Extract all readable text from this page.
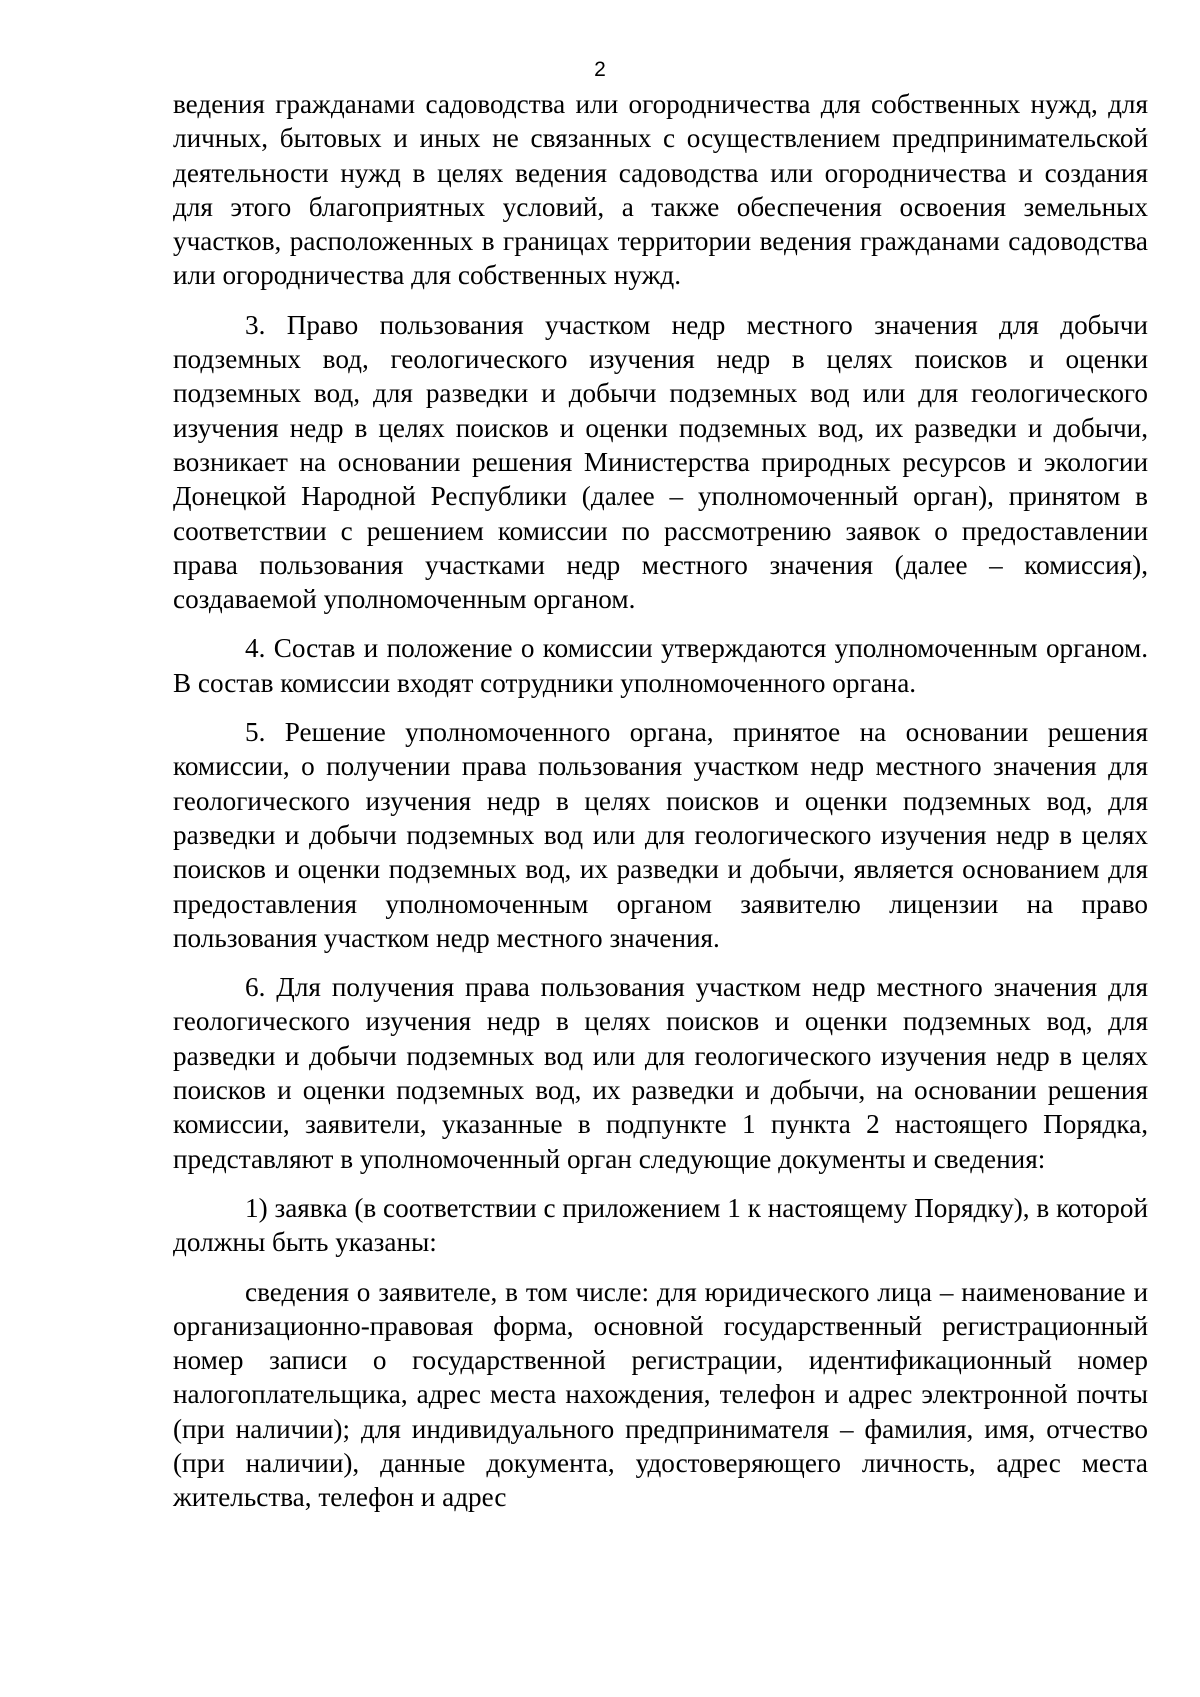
2

ведения гражданами садоводства или огородничества для собственных нужд, для личных, бытовых и иных не связанных с осуществлением предпринимательской деятельности нужд в целях ведения садоводства или огородничества и создания для этого благоприятных условий, а также обеспечения освоения земельных участков, расположенных в границах территории ведения гражданами садоводства или огородничества для собственных нужд.

3. Право пользования участком недр местного значения для добычи подземных вод, геологического изучения недр в целях поисков и оценки подземных вод, для разведки и добычи подземных вод или для геологического изучения недр в целях поисков и оценки подземных вод, их разведки и добычи, возникает на основании решения Министерства природных ресурсов и экологии Донецкой Народной Республики (далее – уполномоченный орган), принятом в соответствии с решением комиссии по рассмотрению заявок о предоставлении права пользования участками недр местного значения (далее – комиссия), создаваемой уполномоченным органом.

4. Состав и положение о комиссии утверждаются уполномоченным органом. В состав комиссии входят сотрудники уполномоченного органа.

5. Решение уполномоченного органа, принятое на основании решения комиссии, о получении права пользования участком недр местного значения для геологического изучения недр в целях поисков и оценки подземных вод, для разведки и добычи подземных вод или для геологического изучения недр в целях поисков и оценки подземных вод, их разведки и добычи, является основанием для предоставления уполномоченным органом заявителю лицензии на право пользования участком недр местного значения.

6. Для получения права пользования участком недр местного значения для геологического изучения недр в целях поисков и оценки подземных вод, для разведки и добычи подземных вод или для геологического изучения недр в целях поисков и оценки подземных вод, их разведки и добычи, на основании решения комиссии, заявители, указанные в подпункте 1 пункта 2 настоящего Порядка, представляют в уполномоченный орган следующие документы и сведения:

1) заявка (в соответствии с приложением 1 к настоящему Порядку), в которой должны быть указаны:

сведения о заявителе, в том числе: для юридического лица – наименование и организационно-правовая форма, основной государственный регистрационный номер записи о государственной регистрации, идентификационный номер налогоплательщика, адрес места нахождения, телефон и адрес электронной почты (при наличии); для индивидуального предпринимателя – фамилия, имя, отчество (при наличии), данные документа, удостоверяющего личность, адрес места жительства, телефон и адрес
